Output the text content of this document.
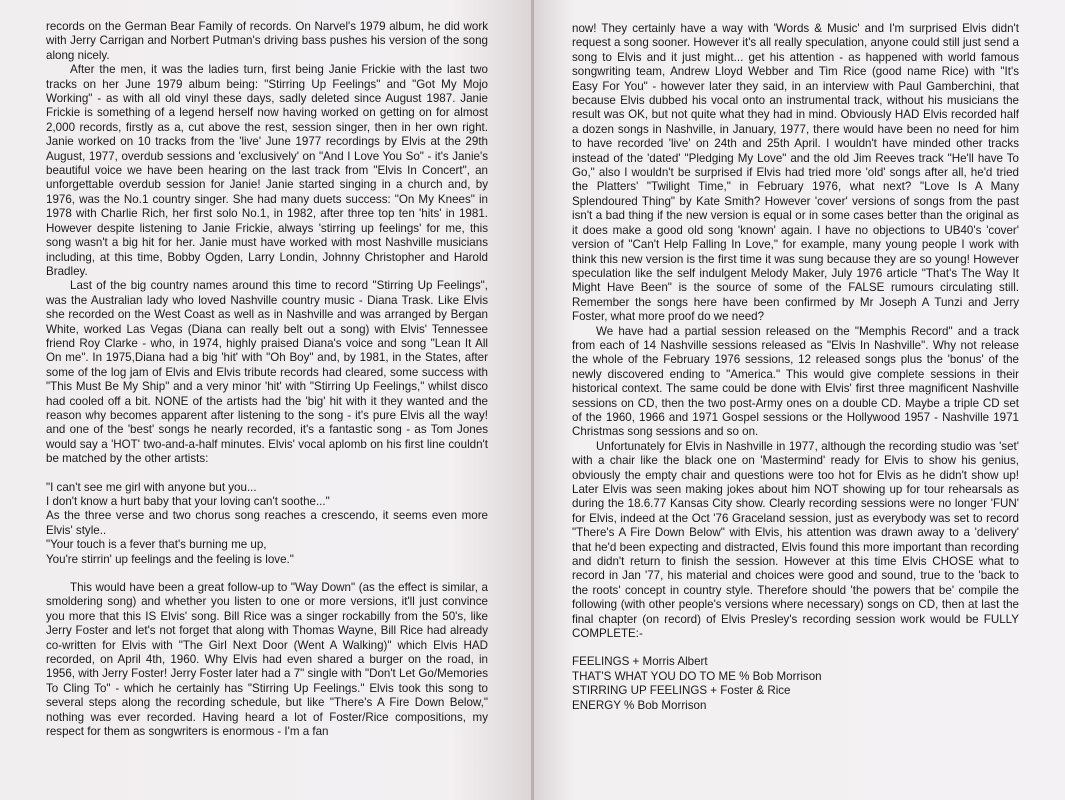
records on the German Bear Family of records. On Narvel's 1979 album, he did work with Jerry Carrigan and Norbert Putman's driving bass pushes his version of the song along nicely.

After the men, it was the ladies turn, first being Janie Frickie with the last two tracks on her June 1979 album being: "Stirring Up Feelings" and "Got My Mojo Working" - as with all old vinyl these days, sadly deleted since August 1987. Janie Frickie is something of a legend herself now having worked on getting on for almost 2,000 records, firstly as a, cut above the rest, session singer, then in her own right. Janie worked on 10 tracks from the 'live' June 1977 recordings by Elvis at the 29th August, 1977, overdub sessions and 'exclusively' on "And I Love You So" - it's Janie's beautiful voice we have been hearing on the last track from "Elvis In Concert", an unforgettable overdub session for Janie! Janie started singing in a church and, by 1976, was the No.1 country singer. She had many duets success: "On My Knees" in 1978 with Charlie Rich, her first solo No.1, in 1982, after three top ten 'hits' in 1981. However despite listening to Janie Frickie, always 'stirring up feelings' for me, this song wasn't a big hit for her. Janie must have worked with most Nashville musicians including, at this time, Bobby Ogden, Larry Londin, Johnny Christopher and Harold Bradley.

Last of the big country names around this time to record "Stirring Up Feelings", was the Australian lady who loved Nashville country music - Diana Trask. Like Elvis she recorded on the West Coast as well as in Nashville and was arranged by Bergan White, worked Las Vegas (Diana can really belt out a song) with Elvis' Tennessee friend Roy Clarke - who, in 1974, highly praised Diana's voice and song "Lean It All On me". In 1975,Diana had a big 'hit' with "Oh Boy" and, by 1981, in the States, after some of the log jam of Elvis and Elvis tribute records had cleared, some success with "This Must Be My Ship" and a very minor 'hit' with "Stirring Up Feelings," whilst disco had cooled off a bit. NONE of the artists had the 'big' hit with it they wanted and the reason why becomes apparent after listening to the song - it's pure Elvis all the way! and one of the 'best' songs he nearly recorded, it's a fantastic song - as Tom Jones would say a 'HOT' two-and-a-half minutes. Elvis' vocal aplomb on his first line couldn't be matched by the other artists:

"I can't see me girl with anyone but you...

I don't know a hurt baby that your loving can't soothe..."

As the three verse and two chorus song reaches a crescendo, it seems even more Elvis' style..

"Your touch is a fever that's burning me up,

You're stirrin' up feelings and the feeling is love."

This would have been a great follow-up to "Way Down" (as the effect is similar, a smoldering song) and whether you listen to one or more versions, it'll just convince you more that this IS Elvis' song. Bill Rice was a singer rockabilly from the 50's, like Jerry Foster and let's not forget that along with Thomas Wayne, Bill Rice had already co-written for Elvis with "The Girl Next Door (Went A Walking)" which Elvis HAD recorded, on April 4th, 1960. Why Elvis had even shared a burger on the road, in 1956, with Jerry Foster! Jerry Foster later had a 7" single with "Don't Let Go/Memories To Cling To" - which he certainly has "Stirring Up Feelings." Elvis took this song to several steps along the recording schedule, but like "There's A Fire Down Below," nothing was ever recorded. Having heard a lot of Foster/Rice compositions, my respect for them as songwriters is enormous - I'm a fan

now! They certainly have a way with 'Words & Music' and I'm surprised Elvis didn't request a song sooner. However it's all really speculation, anyone could still just send a song to Elvis and it just might... get his attention - as happened with world famous songwriting team, Andrew Lloyd Webber and Tim Rice (good name Rice) with "It's Easy For You" - however later they said, in an interview with Paul Gamberchini, that because Elvis dubbed his vocal onto an instrumental track, without his musicians the result was OK, but not quite what they had in mind. Obviously HAD Elvis recorded half a dozen songs in Nashville, in January, 1977, there would have been no need for him to have recorded 'live' on 24th and 25th April. I wouldn't have minded other tracks instead of the 'dated' "Pledging My Love" and the old Jim Reeves track "He'll have To Go," also I wouldn't be surprised if Elvis had tried more 'old' songs after all, he'd tried the Platters' "Twilight Time," in February 1976, what next? "Love Is A Many Splendoured Thing" by Kate Smith? However 'cover' versions of songs from the past isn't a bad thing if the new version is equal or in some cases better than the original as it does make a good old song 'known' again. I have no objections to UB40's 'cover' version of "Can't Help Falling In Love," for example, many young people I work with think this new version is the first time it was sung because they are so young! However speculation like the self indulgent Melody Maker, July 1976 article "That's The Way It Might Have Been" is the source of some of the FALSE rumours circulating still. Remember the songs here have been confirmed by Mr Joseph A Tunzi and Jerry Foster, what more proof do we need?

We have had a partial session released on the "Memphis Record" and a track from each of 14 Nashville sessions released as "Elvis In Nashville". Why not release the whole of the February 1976 sessions, 12 released songs plus the 'bonus' of the newly discovered ending to "America." This would give complete sessions in their historical context. The same could be done with Elvis' first three magnificent Nashville sessions on CD, then the two post-Army ones on a double CD. Maybe a triple CD set of the 1960, 1966 and 1971 Gospel sessions or the Hollywood 1957 - Nashville 1971 Christmas song sessions and so on.

Unfortunately for Elvis in Nashville in 1977, although the recording studio was 'set' with a chair like the black one on 'Mastermind' ready for Elvis to show his genius, obviously the empty chair and questions were too hot for Elvis as he didn't show up! Later Elvis was seen making jokes about him NOT showing up for tour rehearsals as during the 18.6.77 Kansas City show. Clearly recording sessions were no longer 'FUN' for Elvis, indeed at the Oct '76 Graceland session, just as everybody was set to record "There's A Fire Down Below" with Elvis, his attention was drawn away to a 'delivery' that he'd been expecting and distracted, Elvis found this more important than recording and didn't return to finish the session. However at this time Elvis CHOSE what to record in Jan '77, his material and choices were good and sound, true to the 'back to the roots' concept in country style. Therefore should 'the powers that be' compile the following (with other people's versions where necessary) songs on CD, then at last the final chapter (on record) of Elvis Presley's recording session work would be FULLY COMPLETE:-

FEELINGS + Morris Albert
THAT'S WHAT YOU DO TO ME % Bob Morrison
STIRRING UP FEELINGS + Foster & Rice
ENERGY % Bob Morrison
